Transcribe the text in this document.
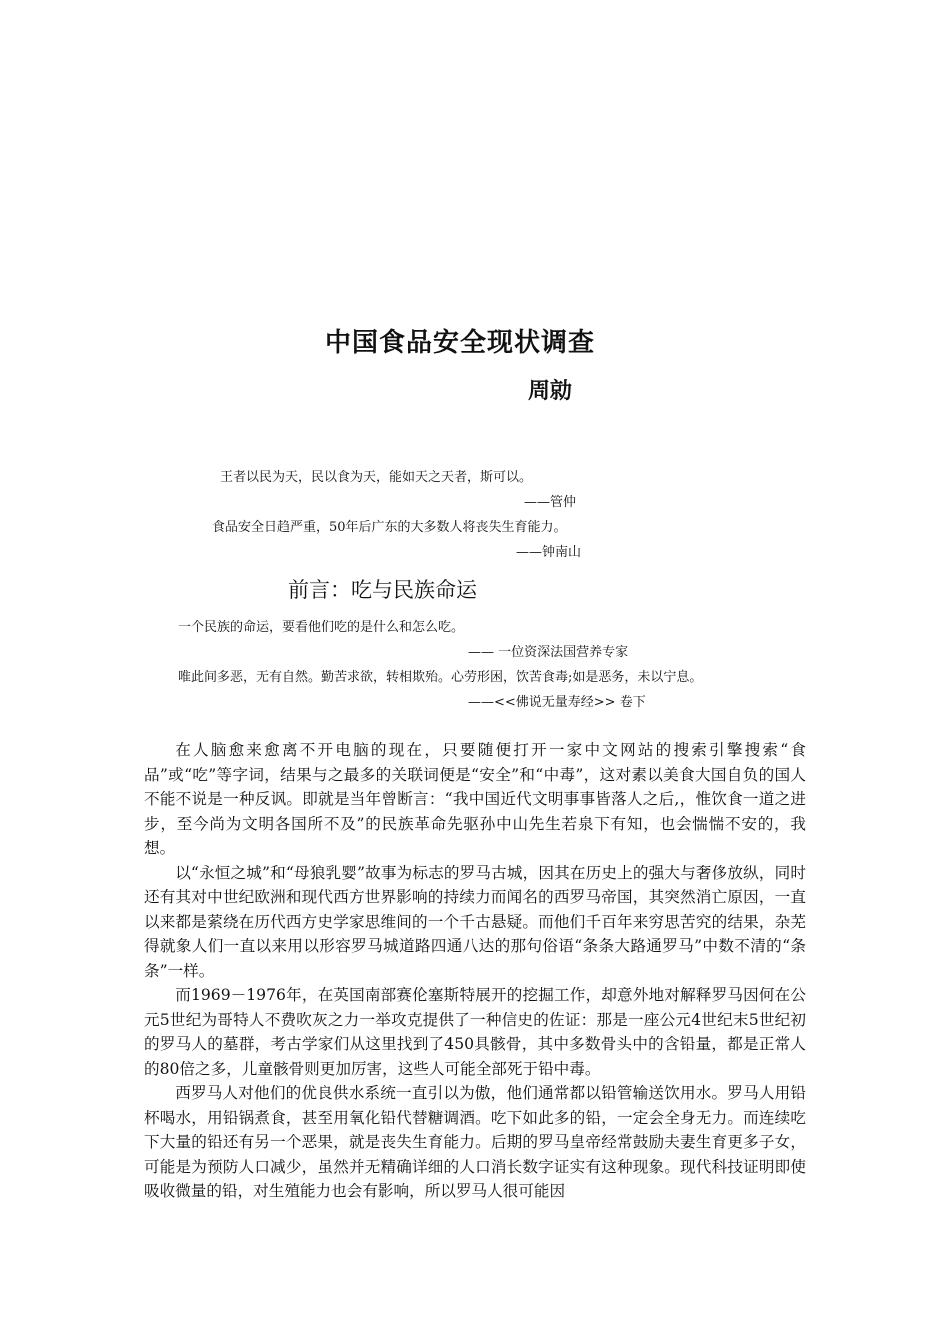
中国食品安全现状调查
周勍
王者以民为天，民以食为天，能如天之天者，斯可以。
——管仲
食品安全日趋严重，50年后广东的大多数人将丧失生育能力。
——钟南山
前言：吃与民族命运
一个民族的命运，要看他们吃的是什么和怎么吃。
—— 一位资深法国营养专家
唯此间多恶，无有自然。勤苦求欲，转相欺殆。心劳形困，饮苦食毒;如是恶务，未以宁息。
——<<佛说无量寿经>> 卷下

在人脑愈来愈离不开电脑的现在，只要随便打开一家中文网站的搜索引擎搜索“食品”或“吃”等字词，结果与之最多的关联词便是“安全”和“中毒”，这对素以美食大国自负的国人不能不说是一种反讽。即就是当年曾断言：“我中国近代文明事事皆落人之后,，惟饮食一道之进步，至今尚为文明各国所不及”的民族革命先驱孙中山先生若泉下有知，也会惴惴不安的，我想。

以“永恒之城”和“母狼乳婴”故事为标志的罗马古城，因其在历史上的强大与奢侈放纵，同时还有其对中世纪欧洲和现代西方世界影响的持续力而闻名的西罗马帝国，其突然消亡原因，一直以来都是萦绕在历代西方史学家思维间的一个千古悬疑。而他们千百年来穷思苦究的结果，杂芜得就象人们一直以来用以形容罗马城道路四通八达的那句俗语“条条大路通罗马”中数不清的“条条”一样。

而1969－1976年，在英国南部赛伦塞斯特展开的挖掘工作，却意外地对解释罗马因何在公元5世纪为哥特人不费吹灰之力一举攻克提供了一种信史的佐证：那是一座公元4世纪末5世纪初的罗马人的墓群，考古学家们从这里找到了450具骸骨，其中多数骨头中的含铅量，都是正常人的80倍之多，儿童骸骨则更加厉害，这些人可能全部死于铅中毒。

西罗马人对他们的优良供水系统一直引以为傲，他们通常都以铅管输送饮用水。罗马人用铅杯喝水，用铅锅煮食，甚至用氧化铅代替糖调酒。吃下如此多的铅，一定会全身无力。而连续吃下大量的铅还有另一个恶果，就是丧失生育能力。后期的罗马皇帝经常鼓励夫妻生育更多子女，可能是为预防人口减少，虽然并无精确详细的人口消长数字证实有这种现象。现代科技证明即使吸收微量的铅，对生殖能力也会有影响，所以罗马人很可能因
